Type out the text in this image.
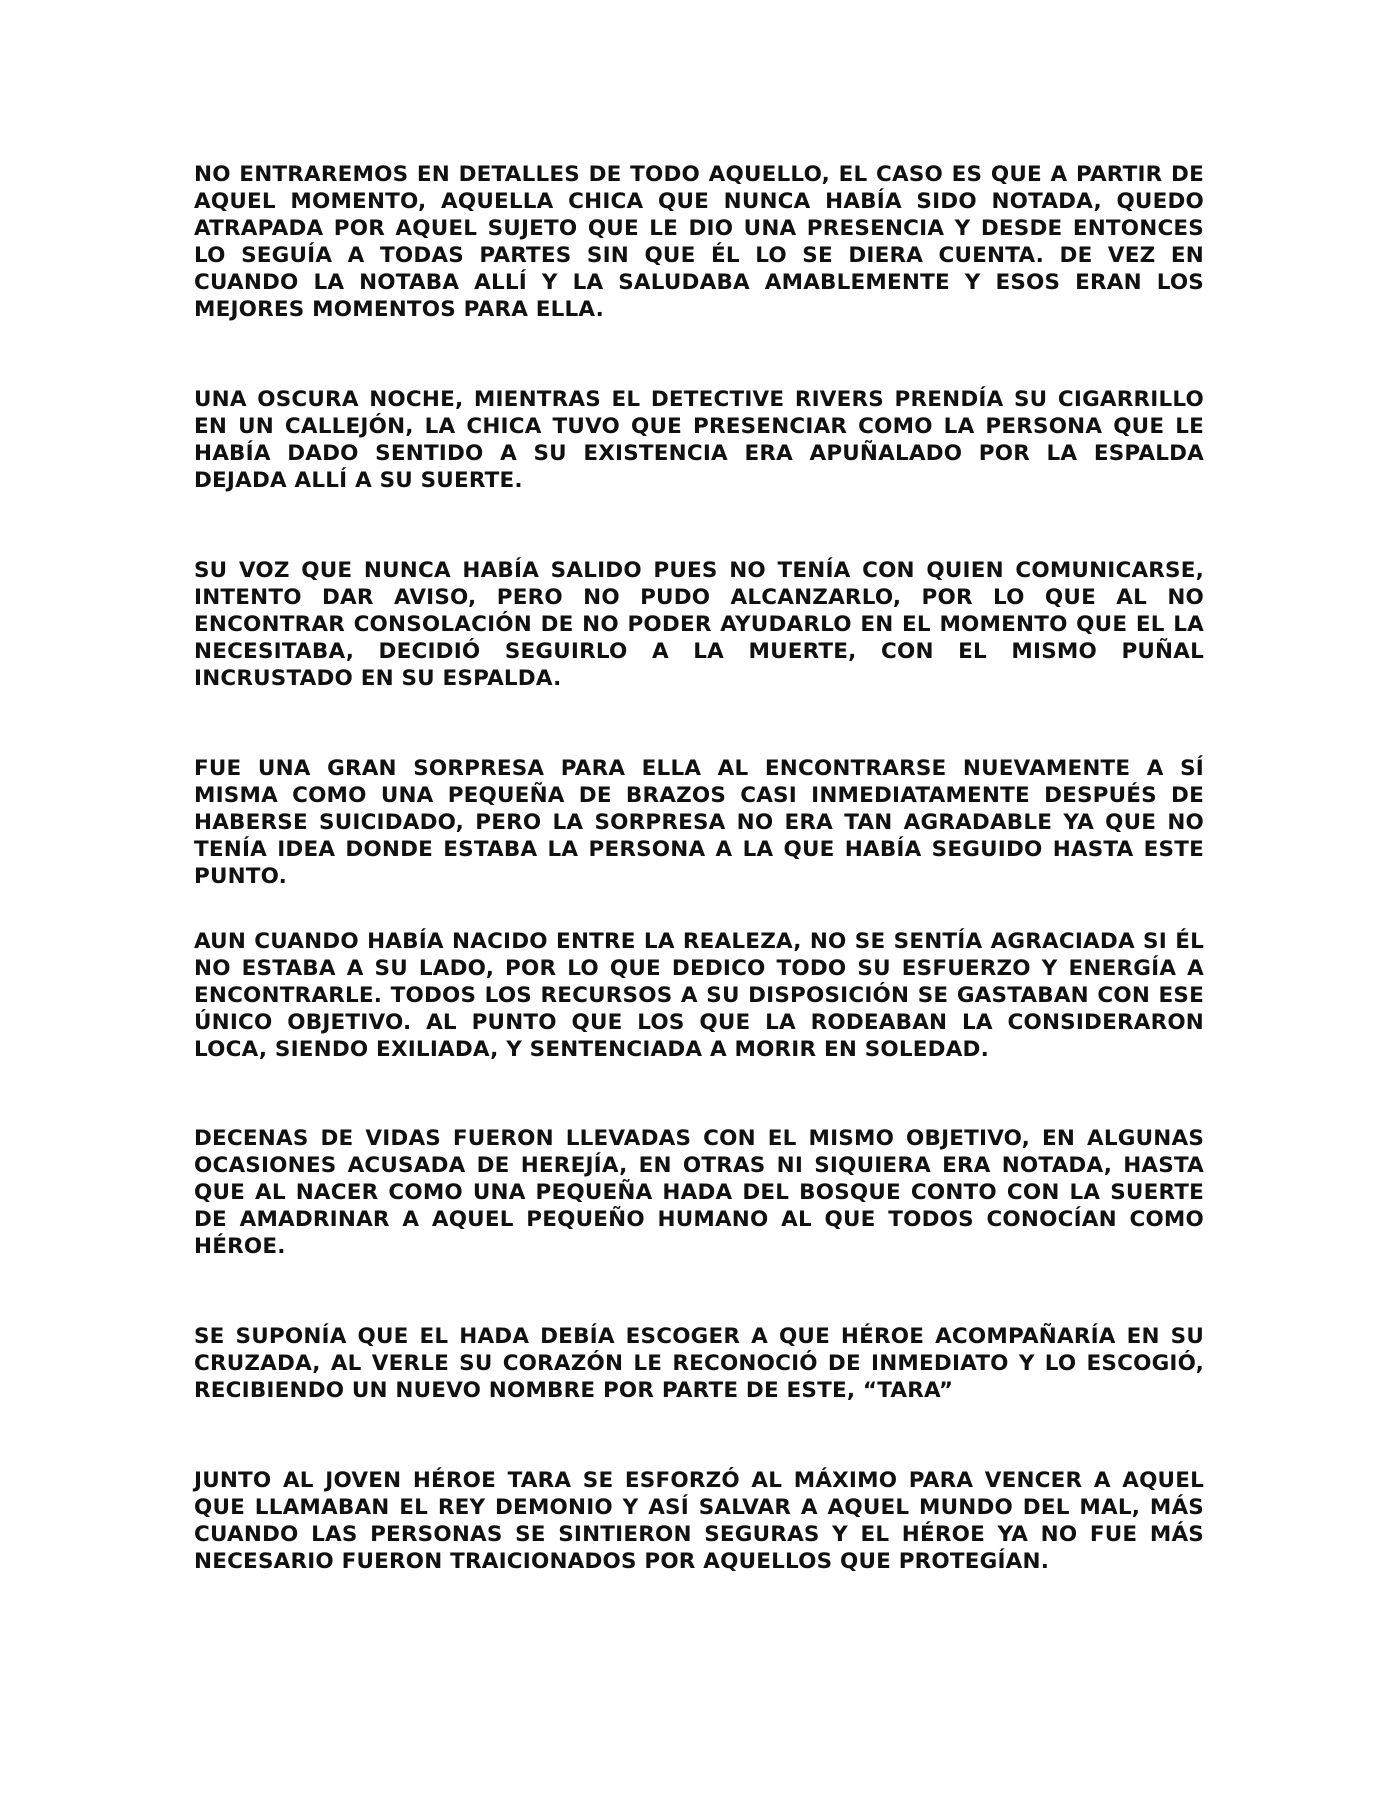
NO ENTRAREMOS EN DETALLES DE TODO AQUELLO, EL CASO ES QUE A PARTIR DE AQUEL MOMENTO, AQUELLA CHICA QUE NUNCA HABÍA SIDO NOTADA, QUEDO ATRAPADA POR AQUEL SUJETO QUE LE DIO UNA PRESENCIA Y DESDE ENTONCES LO SEGUÍA A TODAS PARTES SIN QUE ÉL LO SE DIERA CUENTA. DE VEZ EN CUANDO LA NOTABA ALLÍ Y LA SALUDABA AMABLEMENTE Y ESOS ERAN LOS MEJORES MOMENTOS PARA ELLA.

UNA OSCURA NOCHE, MIENTRAS EL DETECTIVE RIVERS PRENDÍA SU CIGARRILLO EN UN CALLEJÓN, LA CHICA TUVO QUE PRESENCIAR COMO LA PERSONA QUE LE HABÍA DADO SENTIDO A SU EXISTENCIA ERA APUÑALADO POR LA ESPALDA DEJADA ALLÍ A SU SUERTE.

SU VOZ QUE NUNCA HABÍA SALIDO PUES NO TENÍA CON QUIEN COMUNICARSE, INTENTO DAR AVISO, PERO NO PUDO ALCANZARLO, POR LO QUE AL NO ENCONTRAR CONSOLACIÓN DE NO PODER AYUDARLO EN EL MOMENTO QUE EL LA NECESITABA, DECIDIÓ SEGUIRLO A LA MUERTE, CON EL MISMO PUÑAL INCRUSTADO EN SU ESPALDA.

FUE UNA GRAN SORPRESA PARA ELLA AL ENCONTRARSE NUEVAMENTE A SÍ MISMA COMO UNA PEQUEÑA DE BRAZOS CASI INMEDIATAMENTE DESPUÉS DE HABERSE SUICIDADO, PERO LA SORPRESA NO ERA TAN AGRADABLE YA QUE NO TENÍA IDEA DONDE ESTABA LA PERSONA A LA QUE HABÍA SEGUIDO HASTA ESTE PUNTO.

AUN CUANDO HABÍA NACIDO ENTRE LA REALEZA, NO SE SENTÍA AGRACIADA SI ÉL NO ESTABA A SU LADO, POR LO QUE DEDICO TODO SU ESFUERZO Y ENERGÍA A ENCONTRARLE. TODOS LOS RECURSOS A SU DISPOSICIÓN SE GASTABAN CON ESE ÚNICO OBJETIVO. AL PUNTO QUE LOS QUE LA RODEABAN LA CONSIDERARON LOCA, SIENDO EXILIADA, Y SENTENCIADA A MORIR EN SOLEDAD.

DECENAS DE VIDAS FUERON LLEVADAS CON EL MISMO OBJETIVO, EN ALGUNAS OCASIONES ACUSADA DE HEREJÍA, EN OTRAS NI SIQUIERA ERA NOTADA, HASTA QUE AL NACER COMO UNA PEQUEÑA HADA DEL BOSQUE CONTO CON LA SUERTE DE AMADRINAR A AQUEL PEQUEÑO HUMANO AL QUE TODOS CONOCÍAN COMO HÉROE.

SE SUPONÍA QUE EL HADA DEBÍA ESCOGER A QUE HÉROE ACOMPAÑARÍA EN SU CRUZADA, AL VERLE SU CORAZÓN LE RECONOCIÓ DE INMEDIATO Y LO ESCOGIÓ, RECIBIENDO UN NUEVO NOMBRE POR PARTE DE ESTE, “TARA”

JUNTO AL JOVEN HÉROE TARA SE ESFORZÓ AL MÁXIMO PARA VENCER A AQUEL QUE LLAMABAN EL REY DEMONIO Y ASÍ SALVAR A AQUEL MUNDO DEL MAL, MÁS CUANDO LAS PERSONAS SE SINTIERON SEGURAS Y EL HÉROE YA NO FUE MÁS NECESARIO FUERON TRAICIONADOS POR AQUELLOS QUE PROTEGÍAN.
